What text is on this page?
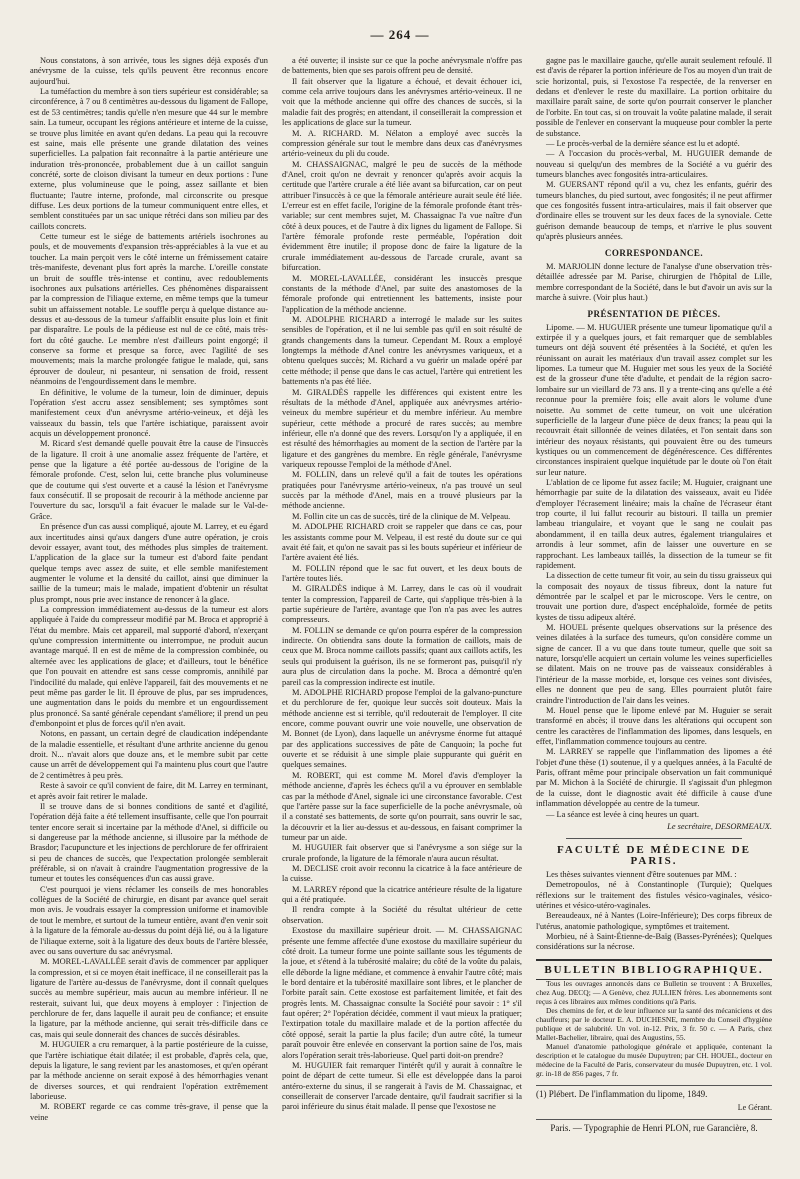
— 264 —

Nous constatons, à son arrivée, tous les signes déjà exposés d'un anévrysme de la cuisse, tels qu'ils peuvent être reconnus encore aujourd'hui.

La tuméfaction du membre à son tiers supérieur est considérable; sa circonférence, à 7 ou 8 centimètres au-dessous du ligament de Fallope, est de 53 centimètres; tandis qu'elle n'en mesure que 44 sur le membre sain. La tumeur, occupant les régions antérieure et interne de la cuisse, se trouve plus limitée en avant qu'en dedans. La peau qui la recouvre est saine, mais elle présente une grande dilatation des veines superficielles. La palpation fait reconnaître à la partie antérieure une induration très-prononcée, probablement due à un caillot sanguin concrété, sorte de cloison divisant la tumeur en deux portions : l'une externe, plus volumineuse que le poing, assez saillante et bien fluctuante; l'autre interne, profonde, mal circonscrite ou presque diffuse. Les deux portions de la tumeur communiquent entre elles, et semblent constituées par un sac unique rétréci dans son milieu par des caillots concrets.

Cette tumeur est le siége de battements artériels isochrones au pouls, et de mouvements d'expansion très-appréciables à la vue et au toucher. La main perçoit vers le côté interne un frémissement cataire très-manifeste, devenant plus fort après la marche. L'oreille constate un bruit de souffle très-intense et continu, avec redoublements isochrones aux pulsations artérielles. Ces phénomènes disparaissent par la compression de l'iliaque externe, en même temps que la tumeur subit un affaissement notable. Le souffle perçu à quelque distance au-dessus et au-dessous de la tumeur s'affaiblit ensuite plus loin et finit par disparaître. Le pouls de la pédieuse est nul de ce côté, mais très-fort du côté gauche. Le membre n'est d'ailleurs point engorgé; il conserve sa forme et presque sa force, avec l'agilité de ses mouvements; mais la marche prolongée fatigue le malade, qui, sans éprouver de douleur, ni pesanteur, ni sensation de froid, ressent néanmoins de l'engourdissement dans le membre.

En définitive, le volume de la tumeur, loin de diminuer, depuis l'opération s'est accru assez sensiblement; ses symptômes sont manifestement ceux d'un anévrysme artério-veineux, et déjà les vaisseaux du bassin, tels que l'artère ischiatique, paraissent avoir acquis un développement prononcé.

M. Ricard s'est demandé quelle pouvait être la cause de l'insuccès de la ligature. Il croit à une anomalie assez fréquente de l'artère, et pense que la ligature a été portée au-dessous de l'origine de la fémorale profonde. C'est, selon lui, cette branche plus volumineuse que de coutume qui s'est ouverte et a causé la lésion et l'anévrysme faux consécutif. Il se proposait de recourir à la méthode ancienne par l'ouverture du sac, lorsqu'il a fait évacuer le malade sur le Val-de-Grâce.

En présence d'un cas aussi compliqué, ajoute M. Larrey, et eu égard aux incertitudes ainsi qu'aux dangers d'une autre opération, je crois devoir essayer, avant tout, des méthodes plus simples de traitement. L'application de la glace sur la tumeur est d'abord faite pendant quelque temps avec assez de suite, et elle semble manifestement augmenter le volume et la densité du caillot, ainsi que diminuer la saillie de la tumeur; mais le malade, impatient d'obtenir un résultat plus prompt, nous prie avec instance de renoncer à la glace.

La compression immédiatement au-dessus de la tumeur est alors appliquée à l'aide du compresseur modifié par M. Broca et approprié à l'état du membre. Mais cet appareil, mal supporté d'abord, n'exerçant qu'une compression intermittente ou interrompue, ne produit aucun avantage marqué. Il en est de même de la compression combinée, ou alternée avec les applications de glace; et d'ailleurs, tout le bénéfice que l'on pouvait en attendre est sans cesse compromis, annihilé par l'indocilité du malade, qui enlève l'appareil, fait des mouvements et ne peut même pas garder le lit. Il éprouve de plus, par ses imprudences, une augmentation dans le poids du membre et un engourdissement plus prononcé. Sa santé générale cependant s'améliore; il prend un peu d'embonpoint et plus de forces qu'il n'en avait.

Notons, en passant, un certain degré de claudication indépendante de la maladie essentielle, et résultant d'une arthrite ancienne du genou droit. N... n'avait alors que douze ans, et le membre subit par cette cause un arrêt de développement qui l'a maintenu plus court que l'autre de 2 centimètres à peu près.

Reste à savoir ce qu'il convient de faire, dit M. Larrey en terminant, et après avoir fait retirer le malade.

Il se trouve dans de si bonnes conditions de santé et d'agilité, l'opération déjà faite a été tellement insuffisante, celle que l'on pourrait tenter encore serait si incertaine par la méthode d'Anel, si difficile ou si dangereuse par la méthode ancienne, si illusoire par la méthode de Brasdor; l'acupuncture et les injections de perchlorure de fer offriraient si peu de chances de succès, que l'expectation prolongée semblerait préférable, si on n'avait à craindre l'augmentation progressive de la tumeur et toutes les conséquences d'un cas aussi grave.

C'est pourquoi je viens réclamer les conseils de mes honorables collègues de la Société de chirurgie, en disant par avance quel serait mon avis. Je voudrais essayer la compression uniforme et inamovible de tout le membre, et surtout de la tumeur entière, avant d'en venir soit à la ligature de la fémorale au-dessus du point déjà lié, ou à la ligature de l'iliaque externe, soit à la ligature des deux bouts de l'artère blessée, avec ou sans ouverture du sac anévrysmal.

M. MOREL-LAVALLÉE serait d'avis de commencer par appliquer la compression, et si ce moyen était inefficace, il ne conseillerait pas la ligature de l'artère au-dessus de l'anévrysme, dont il connaît quelques succès au membre supérieur, mais aucun au membre inférieur. Il ne resterait, suivant lui, que deux moyens à employer : l'injection de perchlorure de fer, dans laquelle il aurait peu de confiance; et ensuite la ligature, par la méthode ancienne, qui serait très-difficile dans ce cas, mais qui seule donnerait des chances de succès désirables.

M. HUGUIER a cru remarquer, à la partie postérieure de la cuisse, que l'artère ischiatique était dilatée; il est probable, d'après cela, que, depuis la ligature, le sang revient par les anastomoses, et qu'en opérant par la méthode ancienne on serait exposé à des hémorrhagies venant de diverses sources, et qui rendraient l'opération extrêmement laborieuse.

M. ROBERT regarde ce cas comme très-grave, il pense que la veine

a été ouverte; il insiste sur ce que la poche anévrysmale n'offre pas de battements, bien que ses parois offrent peu de densité.

Il fait observer que la ligature a échoué, et devait échouer ici, comme cela arrive toujours dans les anévrysmes artério-veineux. Il ne voit que la méthode ancienne qui offre des chances de succès, si la maladie fait des progrès; en attendant, il conseillerait la compression et les applications de glace sur la tumeur.

M. A. RICHARD. M. Nélaton a employé avec succès la compression générale sur tout le membre dans deux cas d'anévrysmes artério-veineux du pli du coude.

M. CHASSAIGNAC, malgré le peu de succès de la méthode d'Anel, croit qu'on ne devrait y renoncer qu'après avoir acquis la certitude que l'artère crurale a été liée avant sa bifurcation, car on peut attribuer l'insuccès à ce que la fémorale antérieure aurait seule été liée. L'erreur est en effet facile, l'origine de la fémorale profonde étant très-variable; sur cent membres sujet, M. Chassaignac l'a vue naître d'un côté à deux pouces, et de l'autre à dix lignes du ligament de Fallope. Si l'artère fémorale profonde reste perméable, l'opération doit évidemment être inutile; il propose donc de faire la ligature de la crurale immédiatement au-dessous de l'arcade crurale, avant sa bifurcation.

M. MOREL-LAVALLÉE, considérant les insuccès presque constants de la méthode d'Anel, par suite des anastomoses de la fémorale profonde qui entretiennent les battements, insiste pour l'application de la méthode ancienne.

M. ADOLPHE RICHARD a interrogé le malade sur les suites sensibles de l'opération, et il ne lui semble pas qu'il en soit résulté de grands changements dans la tumeur. Cependant M. Roux a employé longtemps la méthode d'Anel contre les anévrysmes variqueux, et a obtenu quelques succès; M. Richard a vu guérir un malade opéré par cette méthode; il pense que dans le cas actuel, l'artère qui entretient les battements n'a pas été liée.

M. GIRALDÈS rappelle les différences qui existent entre les résultats de la méthode d'Anel, appliquée aux anévrysmes artério-veineux du membre supérieur et du membre inférieur. Au membre supérieur, cette méthode a procuré de rares succès; au membre inférieur, elle n'a donné que des revers. Lorsqu'on l'y a appliquée, il en est résulté des hémorrhagies au moment de la section de l'artère par la ligature et des gangrènes du membre. En règle générale, l'anévrysme variqueux repousse l'emploi de la méthode d'Anel.

M. FOLLIN, dans un relevé qu'il a fait de toutes les opérations pratiquées pour l'anévrysme artério-veineux, n'a pas trouvé un seul succès par la méthode d'Anel, mais en a trouvé plusieurs par la méthode ancienne.

M. Follin cite un cas de succès, tiré de la clinique de M. Velpeau.

M. ADOLPHE RICHARD croit se rappeler que dans ce cas, pour les assistants comme pour M. Velpeau, il est resté du doute sur ce qui avait été fait, et qu'on ne savait pas si les bouts supérieur et inférieur de l'artère avaient été liés.

M. FOLLIN répond que le sac fut ouvert, et les deux bouts de l'artère toutes liés.

M. GIRALDÈS indique à M. Larrey, dans le cas où il voudrait tenter la compression, l'appareil de Carte, qui s'applique très-bien à la partie supérieure de l'artère, avantage que l'on n'a pas avec les autres compresseurs.

M. FOLLIN se demande ce qu'on pourra espérer de la compression indirecte. On obtiendra sans doute la formation de caillots, mais de ceux que M. Broca nomme caillots passifs; quant aux caillots actifs, les seuls qui produisent la guérison, ils ne se formeront pas, puisqu'il n'y aura plus de circulation dans la poche. M. Broca a démontré qu'en pareil cas la compression indirecte est inutile.

M. ADOLPHE RICHARD propose l'emploi de la galvano-puncture et du perchlorure de fer, quoique leur succès soit douteux. Mais la méthode ancienne est si terrible, qu'il redouterait de l'employer. Il cite encore, comme pouvant ouvrir une voie nouvelle, une observation de M. Bonnet (de Lyon), dans laquelle un anévrysme énorme fut attaqué par des applications successives de pâte de Canquoin; la poche fut ouverte et se réduisit à une simple plaie suppurante qui guérit en quelques semaines.

M. ROBERT, qui est comme M. Morel d'avis d'employer la méthode ancienne, d'après les échecs qu'il a vu éprouver en semblable cas par la méthode d'Anel, signale ici une circonstance favorable. C'est que l'artère passe sur la face superficielle de la poche anévrysmale, où il a constaté ses battements, de sorte qu'on pourrait, sans ouvrir le sac, la découvrir et la lier au-dessus et au-dessous, en faisant comprimer la tumeur par un aide.

M. HUGUIER fait observer que si l'anévrysme a son siége sur la crurale profonde, la ligature de la fémorale n'aura aucun résultat.

M. DECLISE croit avoir reconnu la cicatrice à la face antérieure de la cuisse.

M. LARREY répond que la cicatrice antérieure résulte de la ligature qui a été pratiquée.

Il rendra compte à la Société du résultat ultérieur de cette observation.

Exostose du maxillaire supérieur droit. — M. CHASSAIGNAC présente une femme affectée d'une exostose du maxillaire supérieur du côté droit. La tumeur forme une pointe saillante sous les téguments de la joue, et s'étend à la tubérosité malaire; du côté de la voûte du palais, elle déborde la ligne médiane, et commence à envahir l'autre côté; mais le bord dentaire et la tubérosité maxillaire sont libres, et le plancher de l'orbite paraît sain. Cette exostose est parfaitement limitée, et fait des progrès lents. M. Chassaignac consulte la Société pour savoir : 1° s'il faut opérer; 2° l'opération décidée, comment il vaut mieux la pratiquer; l'extirpation totale du maxillaire malade et de la portion affectée du côté opposé, serait la partie la plus facile; d'un autre côté, la tumeur paraît pouvoir être enlevée en conservant la portion saine de l'os, mais alors l'opération serait très-laborieuse. Quel parti doit-on prendre?

M. HUGUIER fait remarquer l'intérêt qu'il y aurait à connaître le point de départ de cette tumeur. Si elle est développée dans la paroi antéro-externe du sinus, il se rangerait à l'avis de M. Chassaignac, et conseillerait de conserver l'arcade dentaire, qu'il faudrait sacrifier si la paroi inférieure du sinus était malade. Il pense que l'exostose ne

gagne pas le maxillaire gauche, qu'elle aurait seulement refoulé. Il est d'avis de réparer la portion inférieure de l'os au moyen d'un trait de scie horizontal, puis, si l'exostose l'a respectée, de la renverser en dedans et d'enlever le reste du maxillaire. La portion orbitaire du maxillaire paraît saine, de sorte qu'on pourrait conserver le plancher de l'orbite. En tout cas, si on trouvait la voûte palatine malade, il serait possible de l'enlever en conservant la muqueuse pour combler la perte de substance.

— Le procès-verbal de la dernière séance est lu et adopté.

— A l'occasion du procès-verbal, M. HUGUIER demande de nouveau si quelqu'un des membres de la Société a vu guérir des tumeurs blanches avec fongosités intra-articulaires.

M. GUERSANT répond qu'il a vu, chez les enfants, guérir des tumeurs blanches, du pied surtout, avec fongosités; il ne peut affirmer que ces fongosités fussent intra-articulaires, mais il fait observer que d'ordinaire elles se trouvent sur les deux faces de la synoviale. Cette guérison demande beaucoup de temps, et n'arrive le plus souvent qu'après plusieurs années.

CORRESPONDANCE.

M. MARJOLIN donne lecture de l'analyse d'une observation très-détaillée adressée par M. Parise, chirurgien de l'hôpital de Lille, membre correspondant de la Société, dans le but d'avoir un avis sur la marche à suivre. (Voir plus haut.)

PRÉSENTATION DE PIÈCES.

Lipome. — M. HUGUIER présente une tumeur lipomatique qu'il a extirpée il y a quelques jours, et fait remarquer que de semblables tumeurs ont déjà souvent été présentées à la Société, et qu'en les réunissant on aurait les matériaux d'un travail assez complet sur les lipomes. La tumeur que M. Huguier met sous les yeux de la Société est de la grosseur d'une tête d'adulte, et pendait de la région sacro-lombaire sur un vieillard de 73 ans. Il y a trente-cinq ans qu'elle a été reconnue pour la première fois; elle avait alors le volume d'une noisette. Au sommet de cette tumeur, on voit une ulcération superficielle de la largeur d'une pièce de deux francs; la peau qui la recouvrait était sillonnée de veines dilatées, et l'on sentait dans son intérieur des noyaux résistants, qui pouvaient être ou des tumeurs kystiques ou un commencement de dégénérescence. Ces différentes circonstances inspiraient quelque inquiétude par le doute où l'on était sur leur nature.

L'ablation de ce lipome fut assez facile; M. Huguier, craignant une hémorrhagie par suite de la dilatation des vaisseaux, avait eu l'idée d'employer l'écrasement linéaire; mais la chaîne de l'écraseur étant trop courte, il lui fallut recourir au bistouri. Il tailla un premier lambeau triangulaire, et voyant que le sang ne coulait pas abondamment, il en tailla deux autres, également triangulaires et arrondis à leur sommet, afin de laisser une ouverture en se rapprochant. Les lambeaux taillés, la dissection de la tumeur se fit rapidement.

La dissection de cette tumeur fit voir, au sein du tissu graisseux qui la composait des noyaux de tissus fibreux, dont la nature fut démontrée par le scalpel et par le microscope. Vers le centre, on trouvait une portion dure, d'aspect encéphaloïde, formée de petits kystes de tissu adipeux altéré.

M. HOUEL présente quelques observations sur la présence des veines dilatées à la surface des tumeurs, qu'on considère comme un signe de cancer. Il a vu que dans toute tumeur, quelle que soit sa nature, lorsqu'elle acquiert un certain volume les veines superficielles se dilatent. Mais on ne trouve pas de vaisseaux considérables à l'intérieur de la masse morbide, et, lorsque ces veines sont divisées, elles ne donnent que peu de sang. Elles pourraient plutôt faire craindre l'introduction de l'air dans les veines.

M. Houel pense que le lipome enlevé par M. Huguier se serait transformé en abcès; il trouve dans les altérations qui occupent son centre les caractères de l'inflammation des lipomes, dans lesquels, en effet, l'inflammation commence toujours au centre.

M. LARREY se rappelle que l'inflammation des lipomes a été l'objet d'une thèse (1) soutenue, il y a quelques années, à la Faculté de Paris, offrant même pour principale observation un fait communiqué par M. Michon à la Société de chirurgie. Il s'agissait d'un phlegmon de la cuisse, dont le diagnostic avait été difficile à cause d'une inflammation développée au centre de la tumeur.

— La séance est levée à cinq heures un quart.

Le secrétaire, DESORMEAUX.
FACULTÉ DE MÉDECINE DE PARIS.

Les thèses suivantes viennent d'être soutenues par MM. :

Demetropoulos, né à Constantinople (Turquie); Quelques réflexions sur le traitement des fistules vésico-vaginales, vésico-utérines et vésico-utéro-vaginales.

Bereaudeaux, né à Nantes (Loire-Inférieure); Des corps fibreux de l'utérus, anatomie pathologique, symptômes et traitement.

Morbieu, né à Saint-Étienne-de-Baïg (Basses-Pyrénées); Quelques considérations sur la nécrose.

BULLETIN BIBLIOGRAPHIQUE.

Tous les ouvrages annoncés dans ce Bulletin se trouvent : A Bruxelles, chez Aug. DECQ; — A Genève, chez JULLIEN frères. Les abonnements sont reçus à ces libraires aux mêmes conditions qu'à Paris.

Des chemins de fer, et de leur influence sur la santé des mécaniciens et des chauffeurs; par le docteur E. A. DUCHESNE, membre du Conseil d'hygiène publique et de salubrité. Un vol. in-12. Prix, 3 fr. 50 c. — A Paris, chez Mallet-Bachelier, libraire, quai des Augustins, 55.

Manuel d'anatomie pathologique générale et appliquée, contenant la description et le catalogue du musée Dupuytren; par CH. HOUEL, docteur en médecine de la Faculté de Paris, conservateur du musée Dupuytren, etc. 1 vol. gr. in-18 de 856 pages, 7 fr.

(1) Plébert. De l'inflammation du lipome, 1849.
Le Gérant.
Paris. — Typographie de Henri PLON, rue Garancière, 8.
